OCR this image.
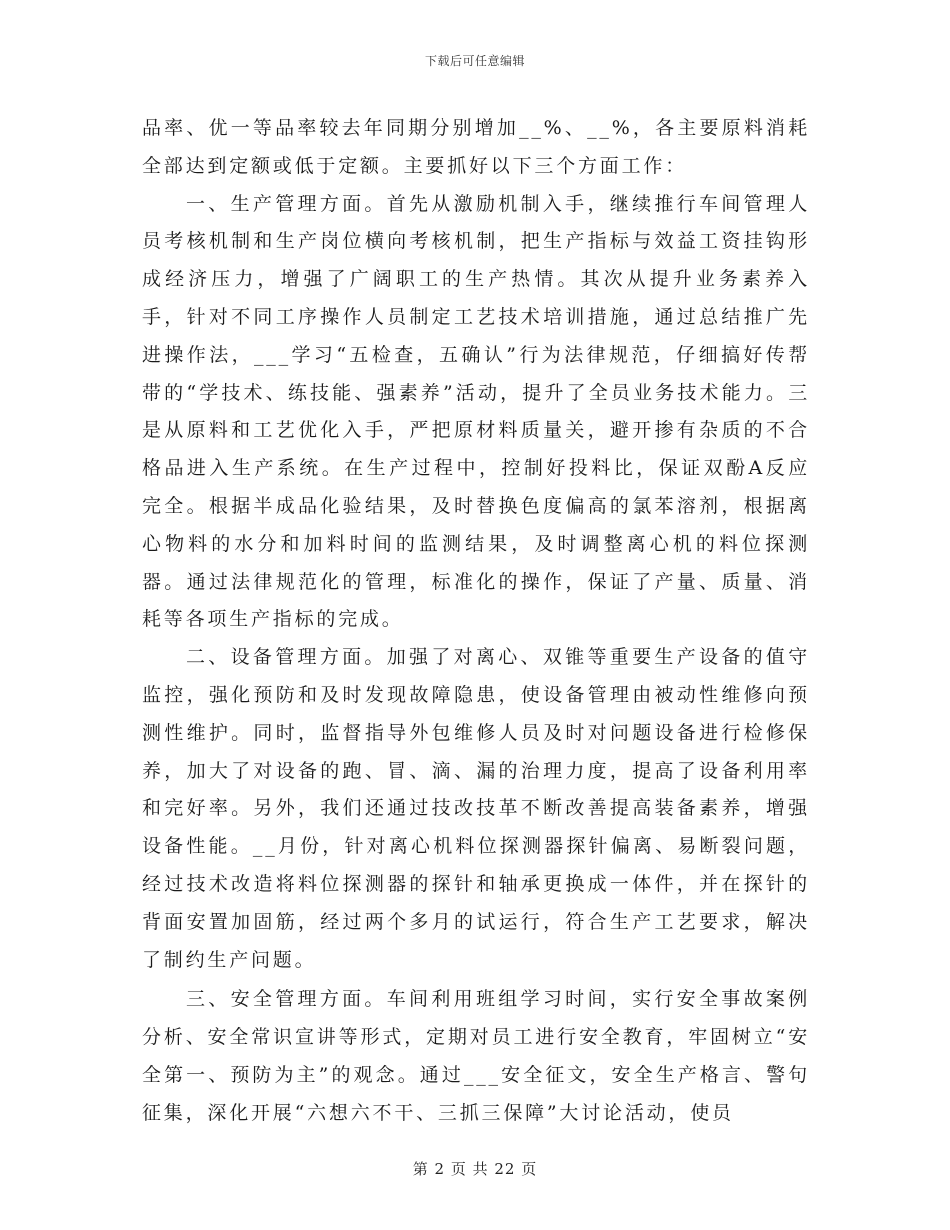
下载后可任意编辑

品率、优一等品率较去年同期分别增加__%、__%，各主要原料消耗全部达到定额或低于定额。主要抓好以下三个方面工作：

一、生产管理方面。首先从激励机制入手，继续推行车间管理人员考核机制和生产岗位横向考核机制，把生产指标与效益工资挂钩形成经济压力，增强了广阔职工的生产热情。其次从提升业务素养入手，针对不同工序操作人员制定工艺技术培训措施，通过总结推广先进操作法，___学习“五检查，五确认”行为法律规范，仔细搞好传帮带的“学技术、练技能、强素养”活动，提升了全员业务技术能力。三是从原料和工艺优化入手，严把原材料质量关，避开掺有杂质的不合格品进入生产系统。在生产过程中，控制好投料比，保证双酚A反应完全。根据半成品化验结果，及时替换色度偏高的氯苯溶剂，根据离心物料的水分和加料时间的监测结果，及时调整离心机的料位探测器。通过法律规范化的管理，标准化的操作，保证了产量、质量、消耗等各项生产指标的完成。

二、设备管理方面。加强了对离心、双锥等重要生产设备的值守监控，强化预防和及时发现故障隐患，使设备管理由被动性维修向预测性维护。同时，监督指导外包维修人员及时对问题设备进行检修保养，加大了对设备的跑、冒、滴、漏的治理力度，提高了设备利用率和完好率。另外，我们还通过技改技革不断改善提高装备素养，增强设备性能。__月份，针对离心机料位探测器探针偏离、易断裂问题，经过技术改造将料位探测器的探针和轴承更换成一体件，并在探针的背面安置加固筋，经过两个多月的试运行，符合生产工艺要求，解决了制约生产问题。

三、安全管理方面。车间利用班组学习时间，实行安全事故案例分析、安全常识宣讲等形式，定期对员工进行安全教育，牢固树立“安全第一、预防为主”的观念。通过___安全征文，安全生产格言、警句征集，深化开展“六想六不干、三抓三保障”大讨论活动，使员

第 2 页 共 22 页
